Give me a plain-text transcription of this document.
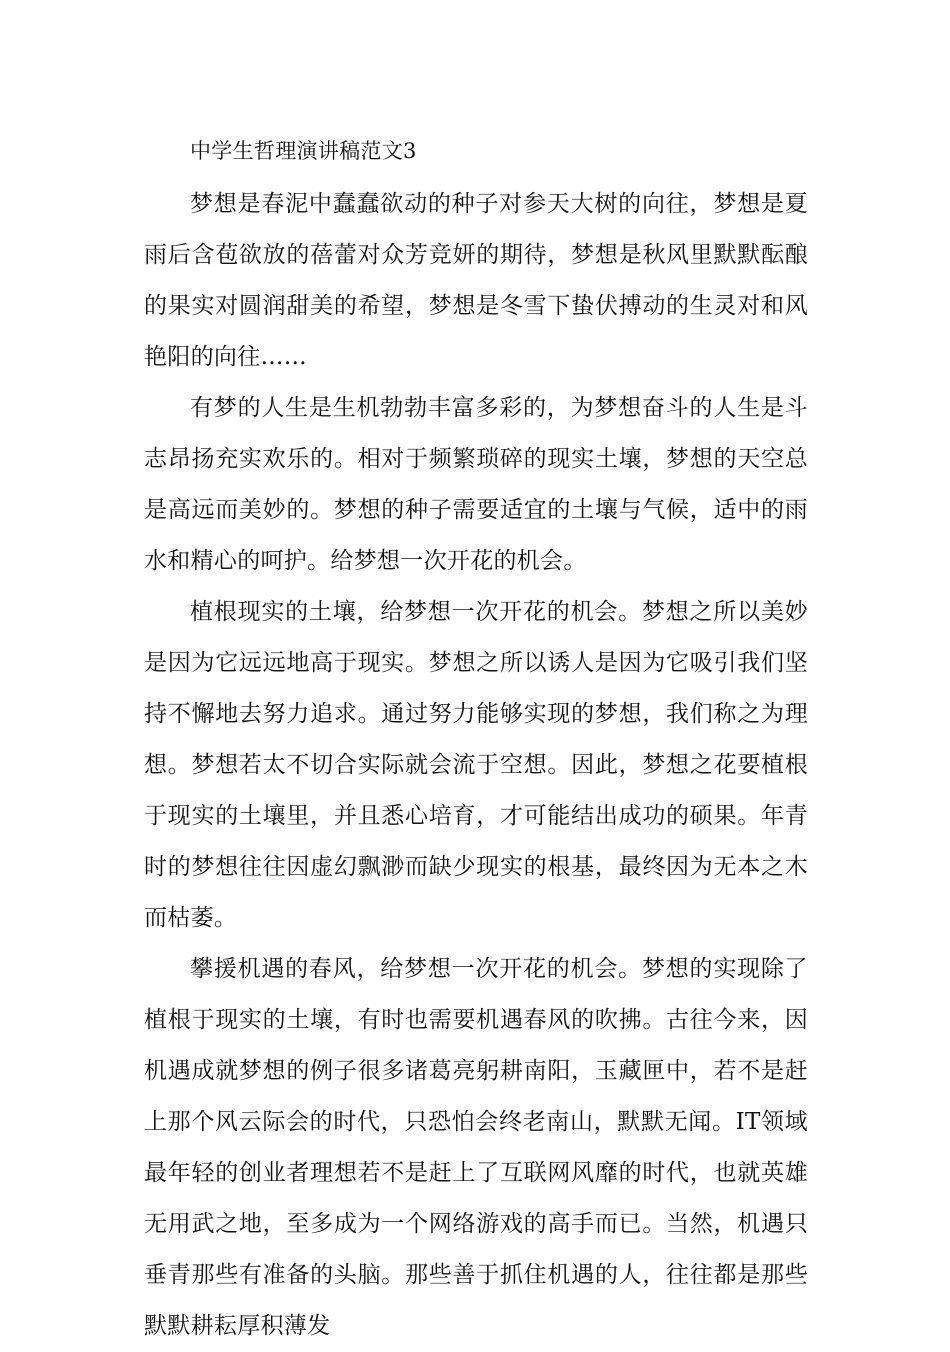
中学生哲理演讲稿范文3

梦想是春泥中蠢蠢欲动的种子对参天大树的向往，梦想是夏雨后含苞欲放的蓓蕾对众芳竞妍的期待，梦想是秋风里默默酝酿的果实对圆润甜美的希望，梦想是冬雪下蛰伏搏动的生灵对和风艳阳的向往……

有梦的人生是生机勃勃丰富多彩的，为梦想奋斗的人生是斗志昂扬充实欢乐的。相对于频繁琐碎的现实土壤，梦想的天空总是高远而美妙的。梦想的种子需要适宜的土壤与气候，适中的雨水和精心的呵护。给梦想一次开花的机会。

植根现实的土壤，给梦想一次开花的机会。梦想之所以美妙是因为它远远地高于现实。梦想之所以诱人是因为它吸引我们坚持不懈地去努力追求。通过努力能够实现的梦想，我们称之为理想。梦想若太不切合实际就会流于空想。因此，梦想之花要植根于现实的土壤里，并且悉心培育，才可能结出成功的硕果。年青时的梦想往往因虚幻飘渺而缺少现实的根基，最终因为无本之木而枯萎。

攀援机遇的春风，给梦想一次开花的机会。梦想的实现除了植根于现实的土壤，有时也需要机遇春风的吹拂。古往今来，因机遇成就梦想的例子很多诸葛亮躬耕南阳，玉藏匣中，若不是赶上那个风云际会的时代，只恐怕会终老南山，默默无闻。IT领域最年轻的创业者理想若不是赶上了互联网风靡的时代，也就英雄无用武之地，至多成为一个网络游戏的高手而已。当然，机遇只垂青那些有准备的头脑。那些善于抓住机遇的人，往往都是那些默默耕耘厚积薄发
